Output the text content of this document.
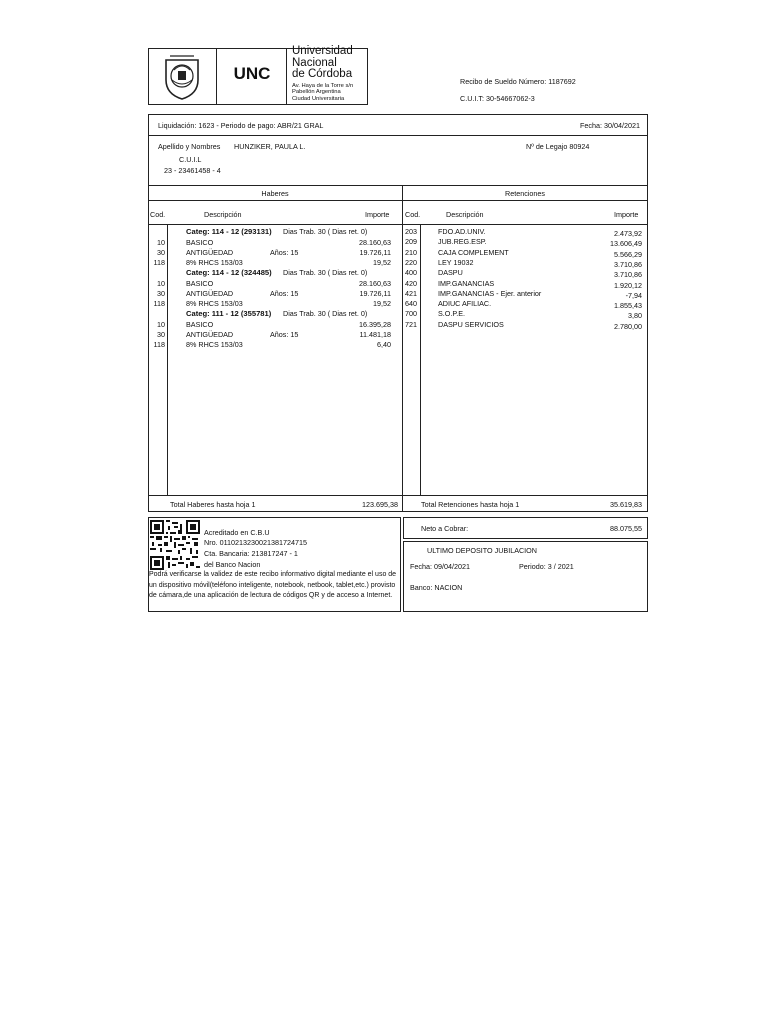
UNC
Universidad
Nacional
de Córdoba
Av. Haya de la Torre s/n
Pabellón Argentina
Ciudad Universitaria
Recibo de Sueldo Número: 1187692
C.U.I.T: 30-54667062-3
Liquidación: 1623 - Periodo de pago: ABR/21 GRAL	Fecha: 30/04/2021
Apellido y Nombres HUNZIKER, PAULA L.	Nº de Legajo 80924
C.U.I.L
23 - 23461458 - 4
Haberes
Cod.	Descripción	Importe
Categ: 114 - 12 (293131) Dias Trab. 30 ( Dias ret. 0)
10	BASICO	28.160,63
30	ANTIGÜEDAD	Años: 15	19.726,11
118	8% RHCS 153/03	19,52
Categ: 114 - 12 (324485) Dias Trab. 30 ( Dias ret. 0)
10	BASICO	28.160,63
30	ANTIGÜEDAD	Años: 15	19.726,11
118	8% RHCS 153/03	19,52
Categ: 111 - 12 (355781) Dias Trab. 30 ( Dias ret. 0)
10	BASICO	16.395,28
30	ANTIGÜEDAD	Años: 15	11.481,18
118	8% RHCS 153/03	6,40
Total Haberes hasta hoja 1	123.695,38
Retenciones
Cod.	Descripción	Importe
203	FDO.AD.UNIV.	2.473,92
209	JUB.REG.ESP.	13.606,49
210	CAJA COMPLEMENT	5.566,29
220	LEY 19032	3.710,86
400	DASPU	3.710,86
420	IMP.GANANCIAS	1.920,12
421	IMP.GANANCIAS - Ejer. anterior	-7,94
640	ADIUC AFILIAC.	1.855,43
700	S.O.P.E.	3,80
721	DASPU SERVICIOS	2.780,00
Total Retenciones hasta hoja 1	35.619,83
Acreditado en C.B.U
Nro. 0110213230021381724715
Cta. Bancaria: 213817247 - 1
del Banco Nacion
Podrá verificarse la validez de este recibo informativo digital mediante el uso de un dispositivo móvil(teléfono inteligente, notebook, netbook, tablet,etc.) provisto de cámara,de una aplicación de lectura de códigos QR y de acceso a Internet.
Neto a Cobrar:	88.075,55
ULTIMO DEPOSITO JUBILACION
Fecha: 09/04/2021	Periodo: 3 / 2021
Banco: NACION
